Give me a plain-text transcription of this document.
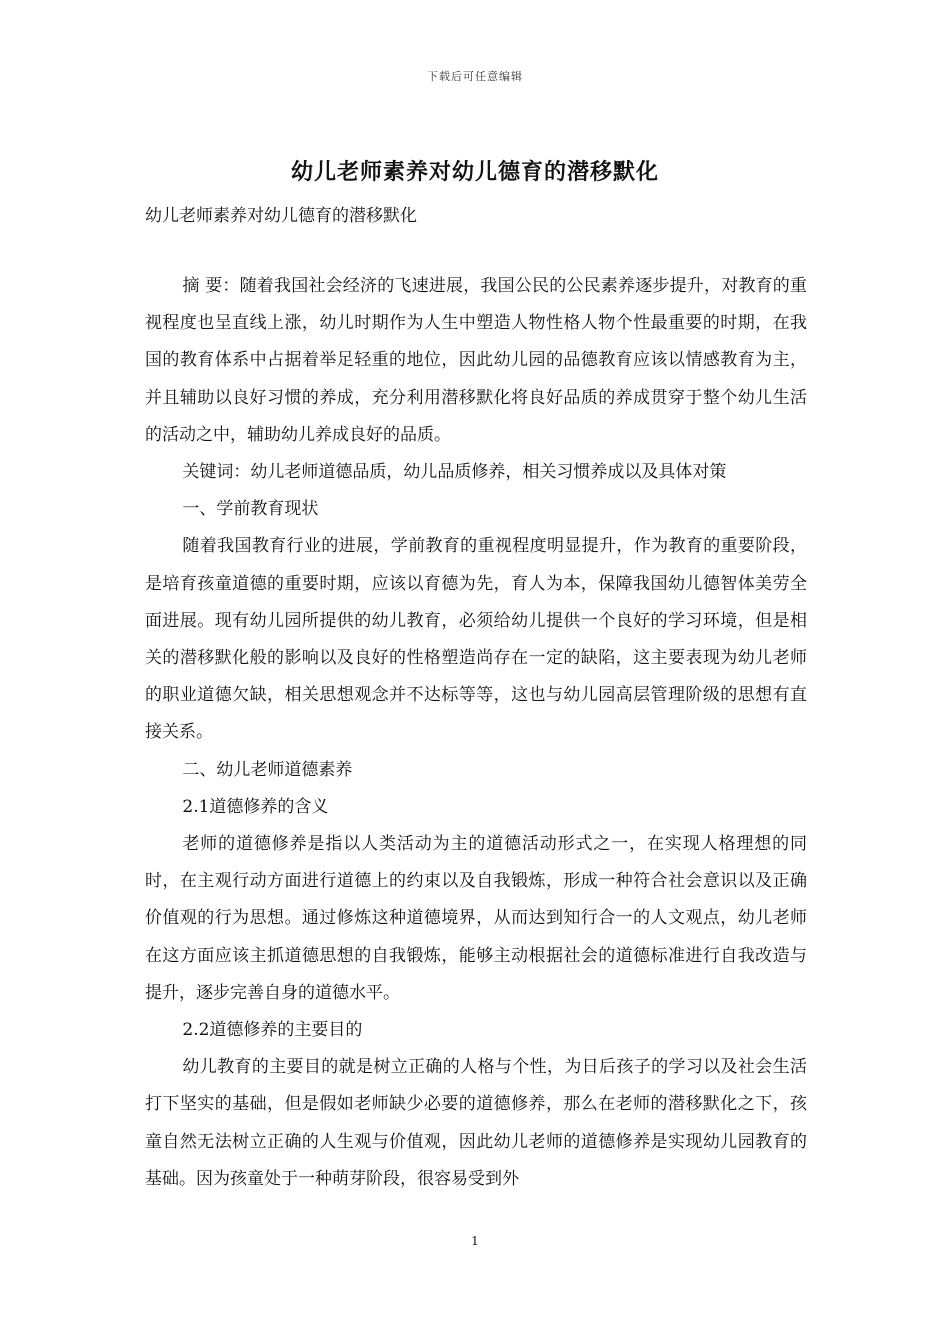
下载后可任意编辑
幼儿老师素养对幼儿德育的潜移默化
幼儿老师素养对幼儿德育的潜移默化

摘 要：随着我国社会经济的飞速进展，我国公民的公民素养逐步提升，对教育的重视程度也呈直线上涨，幼儿时期作为人生中塑造人物性格人物个性最重要的时期，在我国的教育体系中占据着举足轻重的地位，因此幼儿园的品德教育应该以情感教育为主，并且辅助以良好习惯的养成，充分利用潜移默化将良好品质的养成贯穿于整个幼儿生活的活动之中，辅助幼儿养成良好的品质。

关键词：幼儿老师道德品质，幼儿品质修养，相关习惯养成以及具体对策

一、学前教育现状

随着我国教育行业的进展，学前教育的重视程度明显提升，作为教育的重要阶段，是培育孩童道德的重要时期，应该以育德为先，育人为本，保障我国幼儿德智体美劳全面进展。现有幼儿园所提供的幼儿教育，必须给幼儿提供一个良好的学习环境，但是相关的潜移默化般的影响以及良好的性格塑造尚存在一定的缺陷，这主要表现为幼儿老师的职业道德欠缺，相关思想观念并不达标等等，这也与幼儿园高层管理阶级的思想有直接关系。

二、幼儿老师道德素养

2.1道德修养的含义

老师的道德修养是指以人类活动为主的道德活动形式之一，在实现人格理想的同时，在主观行动方面进行道德上的约束以及自我锻炼，形成一种符合社会意识以及正确价值观的行为思想。通过修炼这种道德境界，从而达到知行合一的人文观点，幼儿老师在这方面应该主抓道德思想的自我锻炼，能够主动根据社会的道德标准进行自我改造与提升，逐步完善自身的道德水平。

2.2道德修养的主要目的

幼儿教育的主要目的就是树立正确的人格与个性，为日后孩子的学习以及社会生活打下坚实的基础，但是假如老师缺少必要的道德修养，那么在老师的潜移默化之下，孩童自然无法树立正确的人生观与价值观，因此幼儿老师的道德修养是实现幼儿园教育的基础。因为孩童处于一种萌芽阶段，很容易受到外

1
